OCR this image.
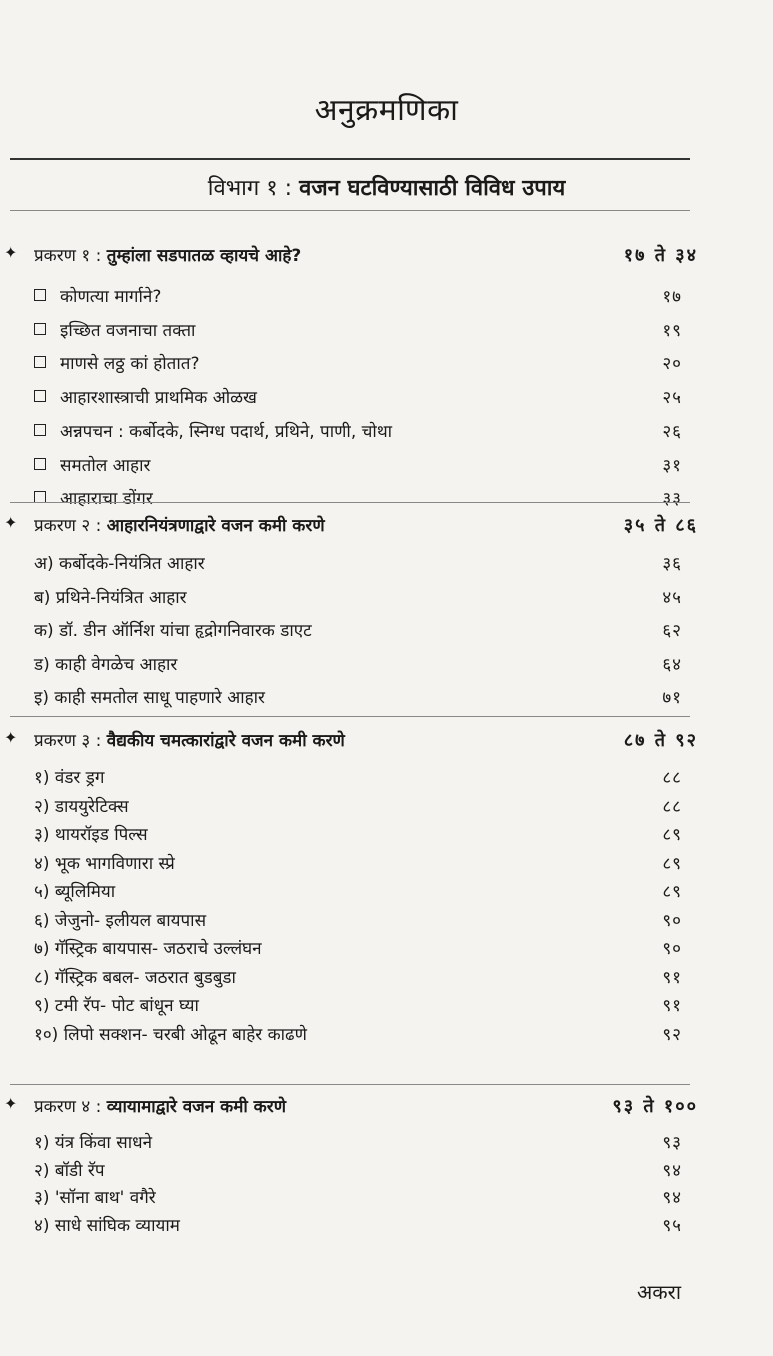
अनुक्रमणिका
विभाग १ : वजन घटविण्यासाठी विविध उपाय
✦ प्रकरण १ : तुम्हांला सडपातळ व्हायचे आहे?	१७ ते ३४
कोणत्या मार्गाने?	१७
इच्छित वजनाचा तक्ता	१९
माणसे लठ्ठ कां होतात?	२०
आहारशास्त्राची प्राथमिक ओळख	२५
अन्नपचन : कर्बोदके, स्निग्ध पदार्थ, प्रथिने, पाणी, चोथा	२६
समतोल आहार	३१
आहाराचा डोंगर	३३
✦ प्रकरण २ : आहारनियंत्रणाद्वारे वजन कमी करणे	३५ ते ८६
अ) कर्बोदके-नियंत्रित आहार	३६
ब) प्रथिने-नियंत्रित आहार	४५
क) डॉ. डीन ऑर्निश यांचा हृद्रोगनिवारक डाएट	६२
ड) काही वेगळेच आहार	६४
इ) काही समतोल साधू पाहणारे आहार	७१
✦ प्रकरण ३ : वैद्यकीय चमत्कारांद्वारे वजन कमी करणे	८७ ते ९२
१) वंडर ड्रग	८८
२) डाययुरेटिक्स	८८
३) थायरॉइड पिल्स	८९
४) भूक भागविणारा स्प्रे	८९
५) ब्यूलिमिया	८९
६) जेजुनो- इलीयल बायपास	९०
७) गॅस्ट्रिक बायपास- जठराचे उल्लंघन	९०
८) गॅस्ट्रिक बबल- जठरात बुडबुडा	९१
९) टमी रॅप- पोट बांधून घ्या	९१
१०) लिपो सक्शन- चरबी ओढून बाहेर काढणे	९२
✦ प्रकरण ४ : व्यायामाद्वारे वजन कमी करणे	९३ ते १००
१) यंत्र किंवा साधने	९३
२) बॉडी रॅप	९४
३) 'सॉना बाथ' वगैरे	९४
४) साधे सांघिक व्यायाम	९५
अकरा
